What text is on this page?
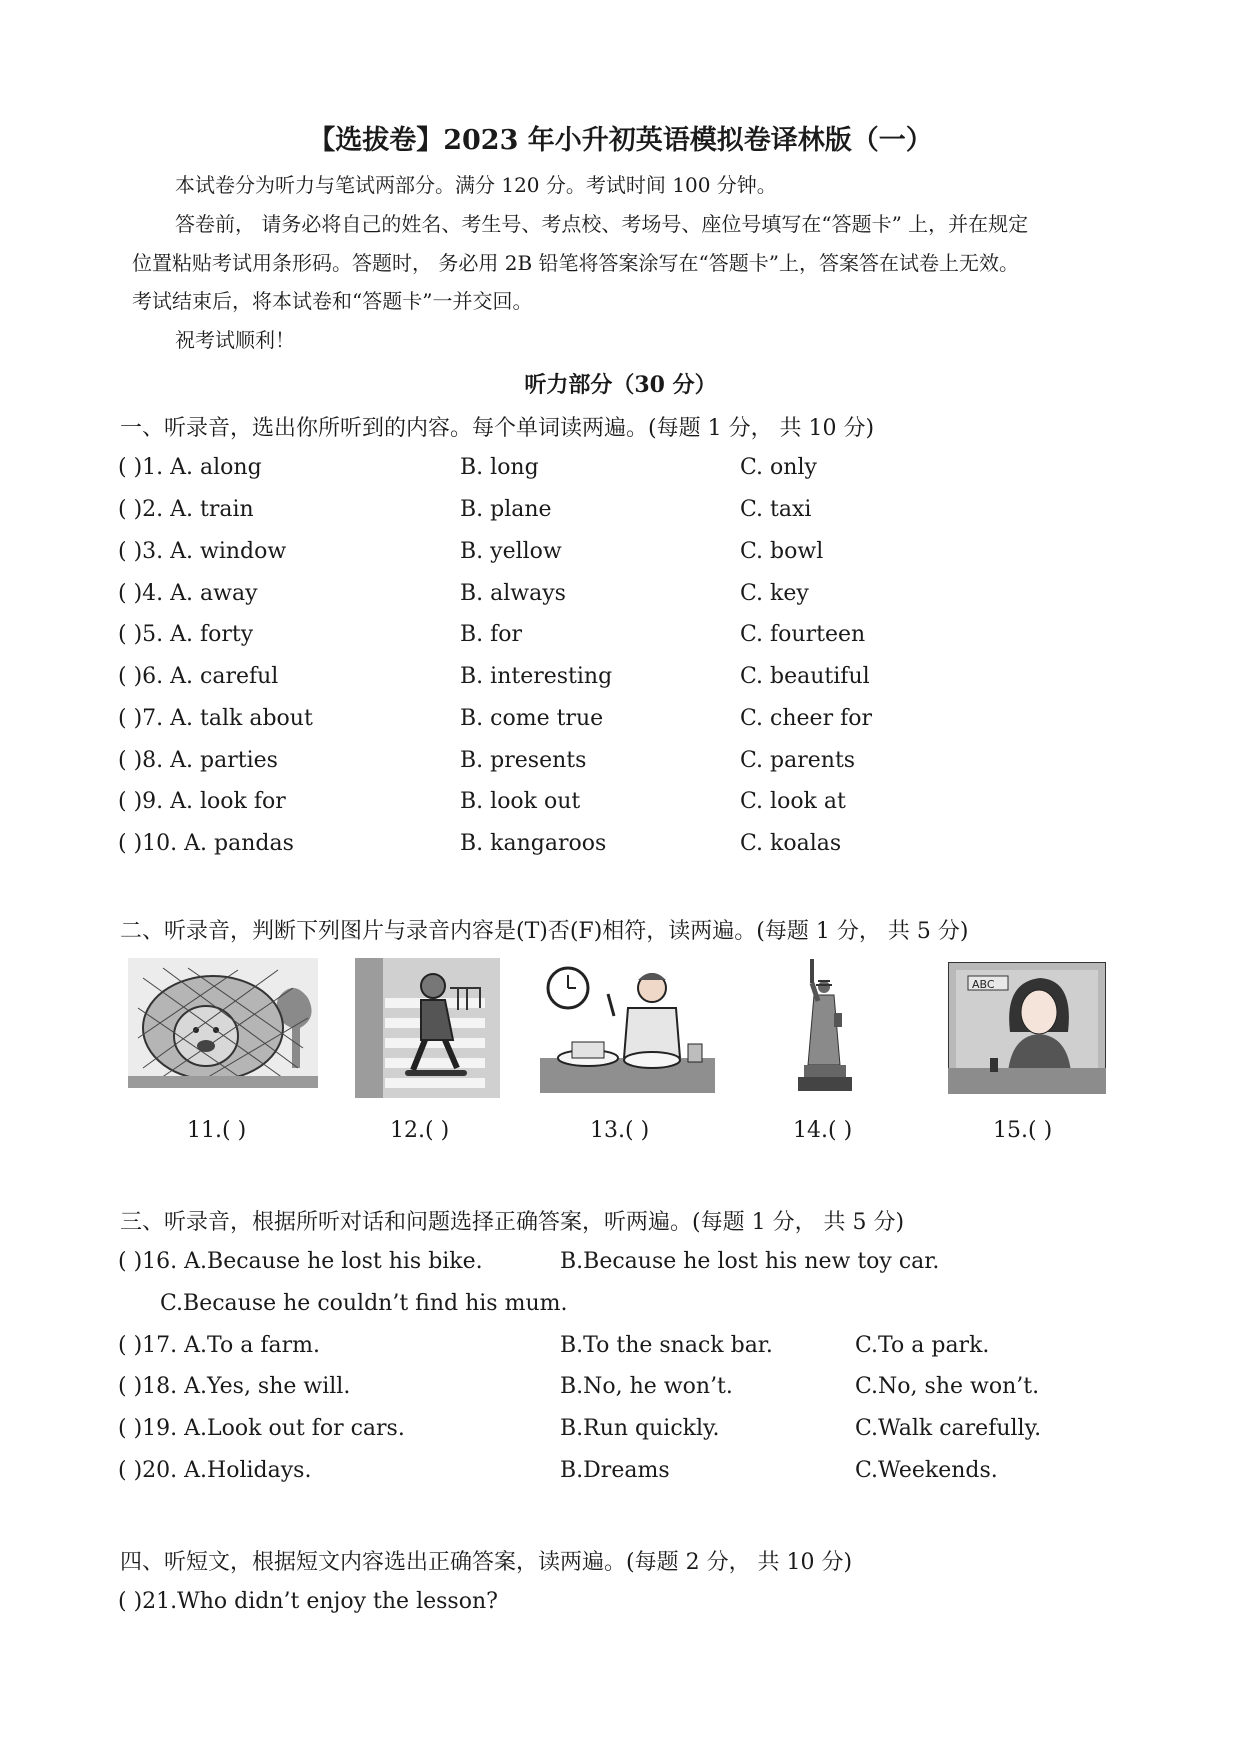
【选拔卷】2023 年小升初英语模拟卷译林版（一）
本试卷分为听力与笔试两部分。满分 120 分。考试时间 100 分钟。
答卷前， 请务必将自己的姓名、考生号、考点校、考场号、座位号填写在“答题卡” 上，并在规定
位置粘贴考试用条形码。答题时， 务必用 2B 铅笔将答案涂写在“答题卡”上，答案答在试卷上无效。
考试结束后，将本试卷和“答题卡”一并交回。
祝考试顺利！
听力部分（30 分）
一、听录音，选出你所听到的内容。每个单词读两遍。(每题 1 分， 共 10 分)
( )1. A. along	B. long	C. only
( )2. A. train	B. plane	C. taxi
( )3. A. window	B. yellow	C. bowl
( )4. A. away	B. always	C. key
( )5. A. forty	B. for	C. fourteen
( )6. A. careful	B. interesting	C. beautiful
( )7. A. talk about	B. come true	C. cheer for
( )8. A. parties	B. presents	C. parents
( )9. A. look for	B. look out	C. look at
( )10. A. pandas	B. kangaroos	C. koalas
二、听录音，判断下列图片与录音内容是(T)否(F)相符，读两遍。(每题 1 分， 共 5 分)
ABC
11.( )	12.( )	13.( )	14.( )	15.( )
三、听录音，根据所听对话和问题选择正确答案，听两遍。(每题 1 分， 共 5 分)
( )16. A.Because he lost his bike.	B.Because he lost his new toy car.
C.Because he couldn’t find his mum.
( )17. A.To a farm.	B.To the snack bar.	C.To a park.
( )18. A.Yes, she will.	B.No, he won’t.	C.No, she won’t.
( )19. A.Look out for cars.	B.Run quickly.	C.Walk carefully.
( )20. A.Holidays.	B.Dreams	C.Weekends.
四、听短文，根据短文内容选出正确答案，读两遍。(每题 2 分， 共 10 分)
( )21.Who didn’t enjoy the lesson?
